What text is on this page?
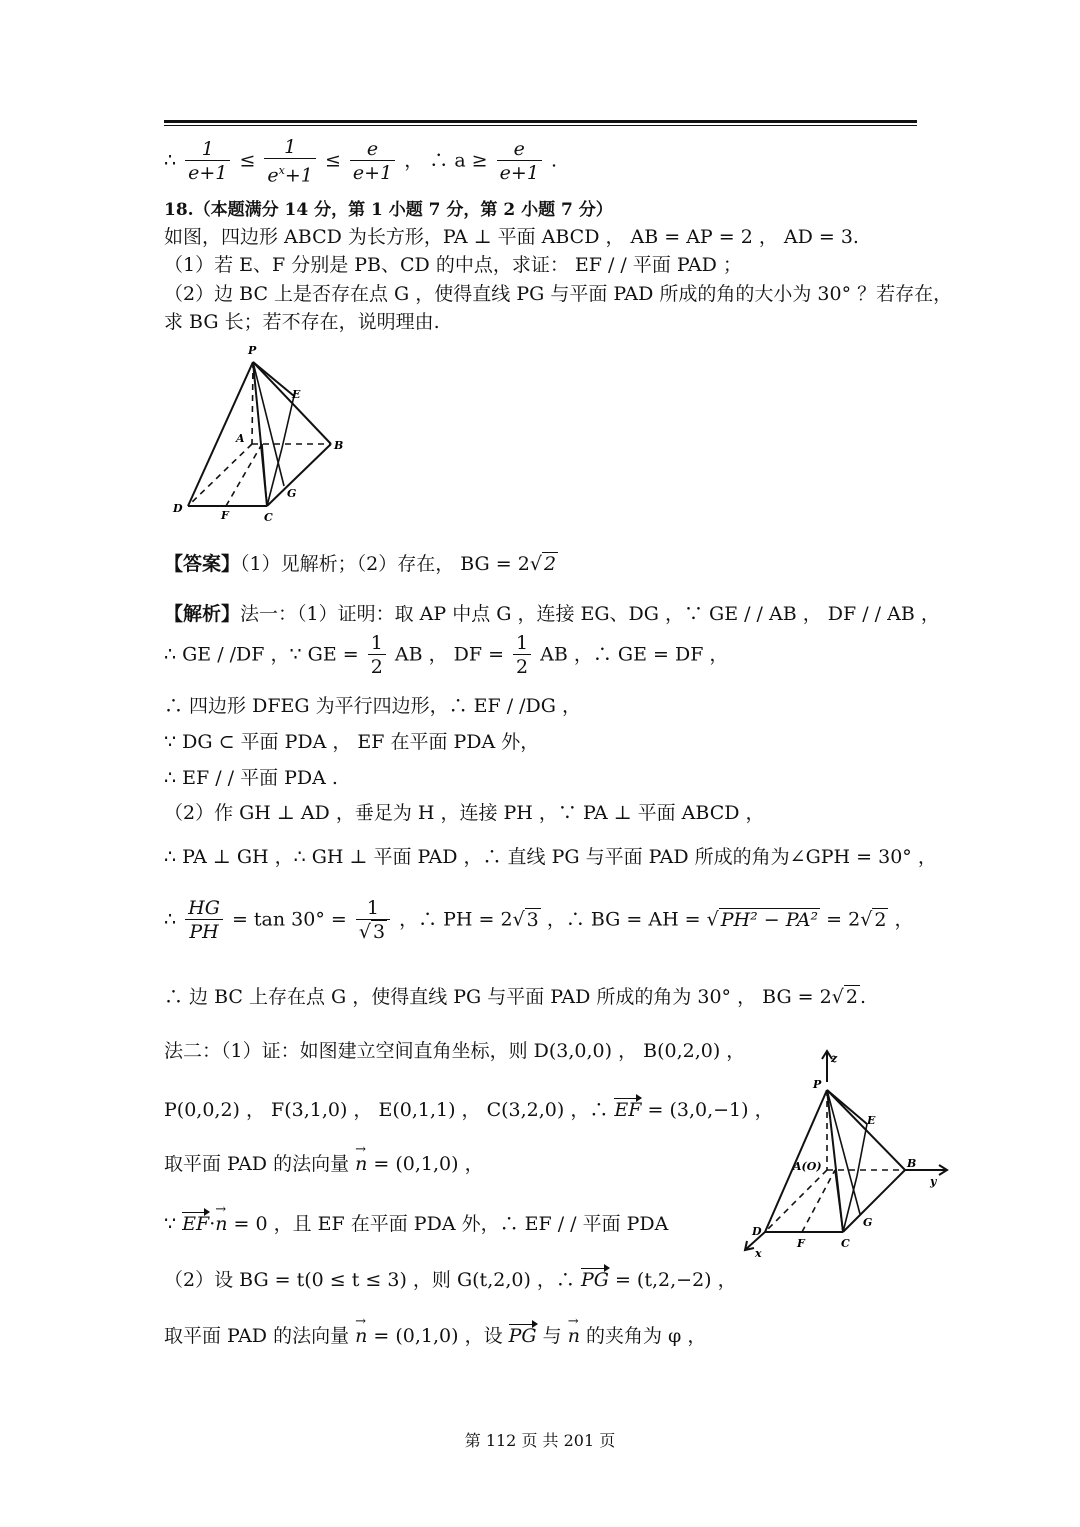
∴ $\frac{1}{e+1} \le \frac{1}{e^x+1} \le \frac{e}{e+1}$ ， ∴ $a \ge \frac{e}{e+1}$ .
18.（本题满分 14 分，第 1 小题 7 分，第 2 小题 7 分）
如图，四边形 ABCD 为长方形，PA ⊥ 平面 ABCD ， AB = AP = 2 ， AD = 3.
（1）若 E、F 分别是 PB、CD 的中点，求证： EF / / 平面 PAD ；
（2）边 BC 上是否存在点 G ，使得直线 PG 与平面 PAD 所成的角的大小为 30° ？若存在，
求 BG 长；若不存在，说明理由.
P
E
A
B
G
D
F	C
【答案】（1）见解析；（2）存在， BG = 2√ 2
【解析】法一：（1）证明：取 AP 中点 G ，连接 EG、DG ，∵ GE / / AB ， DF / / AB ，
∴ GE / /DF ，∵ GE = $\frac{1}{2}$ AB ， DF = $\frac{1}{2}$ AB ，∴ GE = DF ，
∴ 四边形 DFEG 为平行四边形，∴ EF / /DG ，
∵ DG ⊂ 平面 PDA ， EF 在平面 PDA 外，
∴ EF / / 平面 PDA .
（2）作 GH ⊥ AD ，垂足为 H ，连接 PH ，∵ PA ⊥ 平面 ABCD ，
∴ PA ⊥ GH ，∴ GH ⊥ 平面 PAD ，∴ 直线 PG 与平面 PAD 所成的角为∠GPH = 30° ，
∴ $\frac{HG}{PH} = \tan 30^\circ = \frac{1}{√ 3}$ ，∴ PH = 2√ 3 ，∴ BG = AH = √ PH² − PA² = 2√ 2 ，
∴ 边 BC 上存在点 G ，使得直线 PG 与平面 PAD 所成的角为 30° ， BG = 2√ 2 .
法二：（1）证：如图建立空间直角坐标，则 D(3,0,0) ， B(0,2,0) ，
P(0,0,2) ， F(3,1,0) ， E(0,1,1) ， C(3,2,0) ，∴ EF = (3,0,−1) ，
取平面 PAD 的法向量 n → = (0,1,0) ，
∵ EF·n → = 0 ，且 EF 在平面 PDA 外，∴ EF / / 平面 PDA
（2）设 BG = t(0 ≤ t ≤ 3) ，则 G(t,2,0) ，∴ PG = (t,2,−2) ，
取平面 PAD 的法向量 n → = (0,1,0) ，设 PG 与 n → 的夹角为 φ ，
z
P
E
A(O)	B
y
G
D
F	C
x
第 112 页 共 201 页
